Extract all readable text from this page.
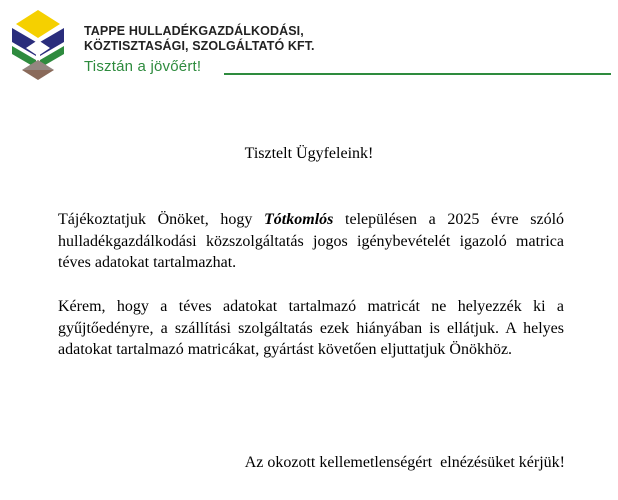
TAPPE HULLADÉKGAZDÁLKODÁSI,
KÖZTISZTASÁGI, SZOLGÁLTATÓ KFT.
Tisztán a jövőért!
Tisztelt Ügyfeleink!
Tájékoztatjuk Önöket, hogy Tótkomlós településen a 2025 évre szóló hulladékgazdálkodási közszolgáltatás jogos igénybevételét igazoló matrica téves adatokat tartalmazhat.
Kérem, hogy a téves adatokat tartalmazó matricát ne helyezzék ki a gyűjtőedényre, a szállítási szolgáltatás ezek hiányában is ellátjuk. A helyes adatokat tartalmazó matricákat, gyártást követően eljuttatjuk Önökhöz.
Az okozott kellemetlenségért  elnézésüket kérjük!
